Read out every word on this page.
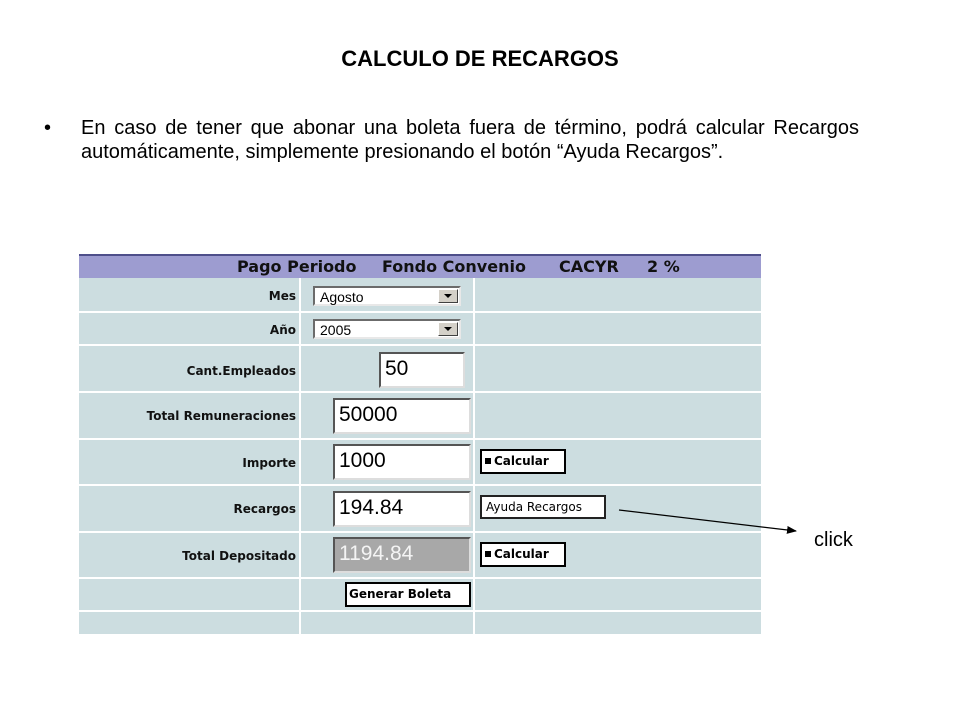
CALCULO DE RECARGOS
• En caso de tener que abonar una boleta fuera de término, podrá calcular Recargos automáticamente, simplemente presionando el botón “Ayuda Recargos”.
Pago Periodo Fondo Convenio CACYR 2 %
Mes Agosto
Año 2005
Cant.Empleados	50
Total Remuneraciones 50000
Importe 1000	Calcular
Recargos 194.84	Ayuda Recargos
Total Depositado 1194.84	Calcular
Generar Boleta
click
